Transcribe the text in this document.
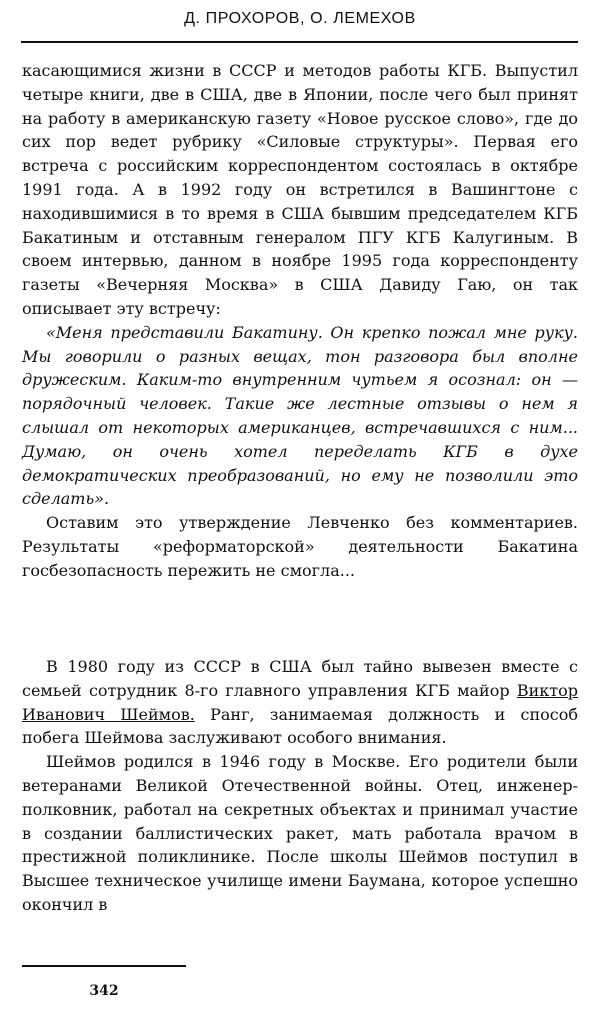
Д. ПРОХОРОВ, О. ЛЕМЕХОВ

касающимися жизни в СССР и методов работы КГБ. Выпустил четыре книги, две в США, две в Японии, после чего был принят на работу в американскую газету «Новое русское слово», где до сих пор ведет рубрику «Силовые структуры». Первая его встреча с российским корреспондентом состоялась в октябре 1991 года. А в 1992 году он встретился в Вашингтоне с находившимися в то время в США бывшим председателем КГБ Бакатиным и отставным генералом ПГУ КГБ Калугиным. В своем интервью, данном в ноябре 1995 года корреспонденту газеты «Вечерняя Москва» в США Давиду Гаю, он так описывает эту встречу:

«Меня представили Бакатину. Он крепко пожал мне руку. Мы говорили о разных вещах, тон разговора был вполне дружеским. Каким-то внутренним чутьем я осознал: он — порядочный человек. Такие же лестные отзывы о нем я слышал от некоторых американцев, встречавшихся с ним... Думаю, он очень хотел переделать КГБ в духе демократических преобразований, но ему не позволили это сделать».

Оставим это утверждение Левченко без комментариев. Результаты «реформаторской» деятельности Бакатина госбезопасность пережить не смогла...

В 1980 году из СССР в США был тайно вывезен вместе с семьей сотрудник 8-го главного управления КГБ майор Виктор Иванович Шеймов. Ранг, занимаемая должность и способ побега Шеймова заслуживают особого внимания.

Шеймов родился в 1946 году в Москве. Его родители были ветеранами Великой Отечественной войны. Отец, инженер-полковник, работал на секретных объектах и принимал участие в создании баллистических ракет, мать работала врачом в престижной поликлинике. После школы Шеймов поступил в Высшее техническое училище имени Баумана, которое успешно окончил в

342
